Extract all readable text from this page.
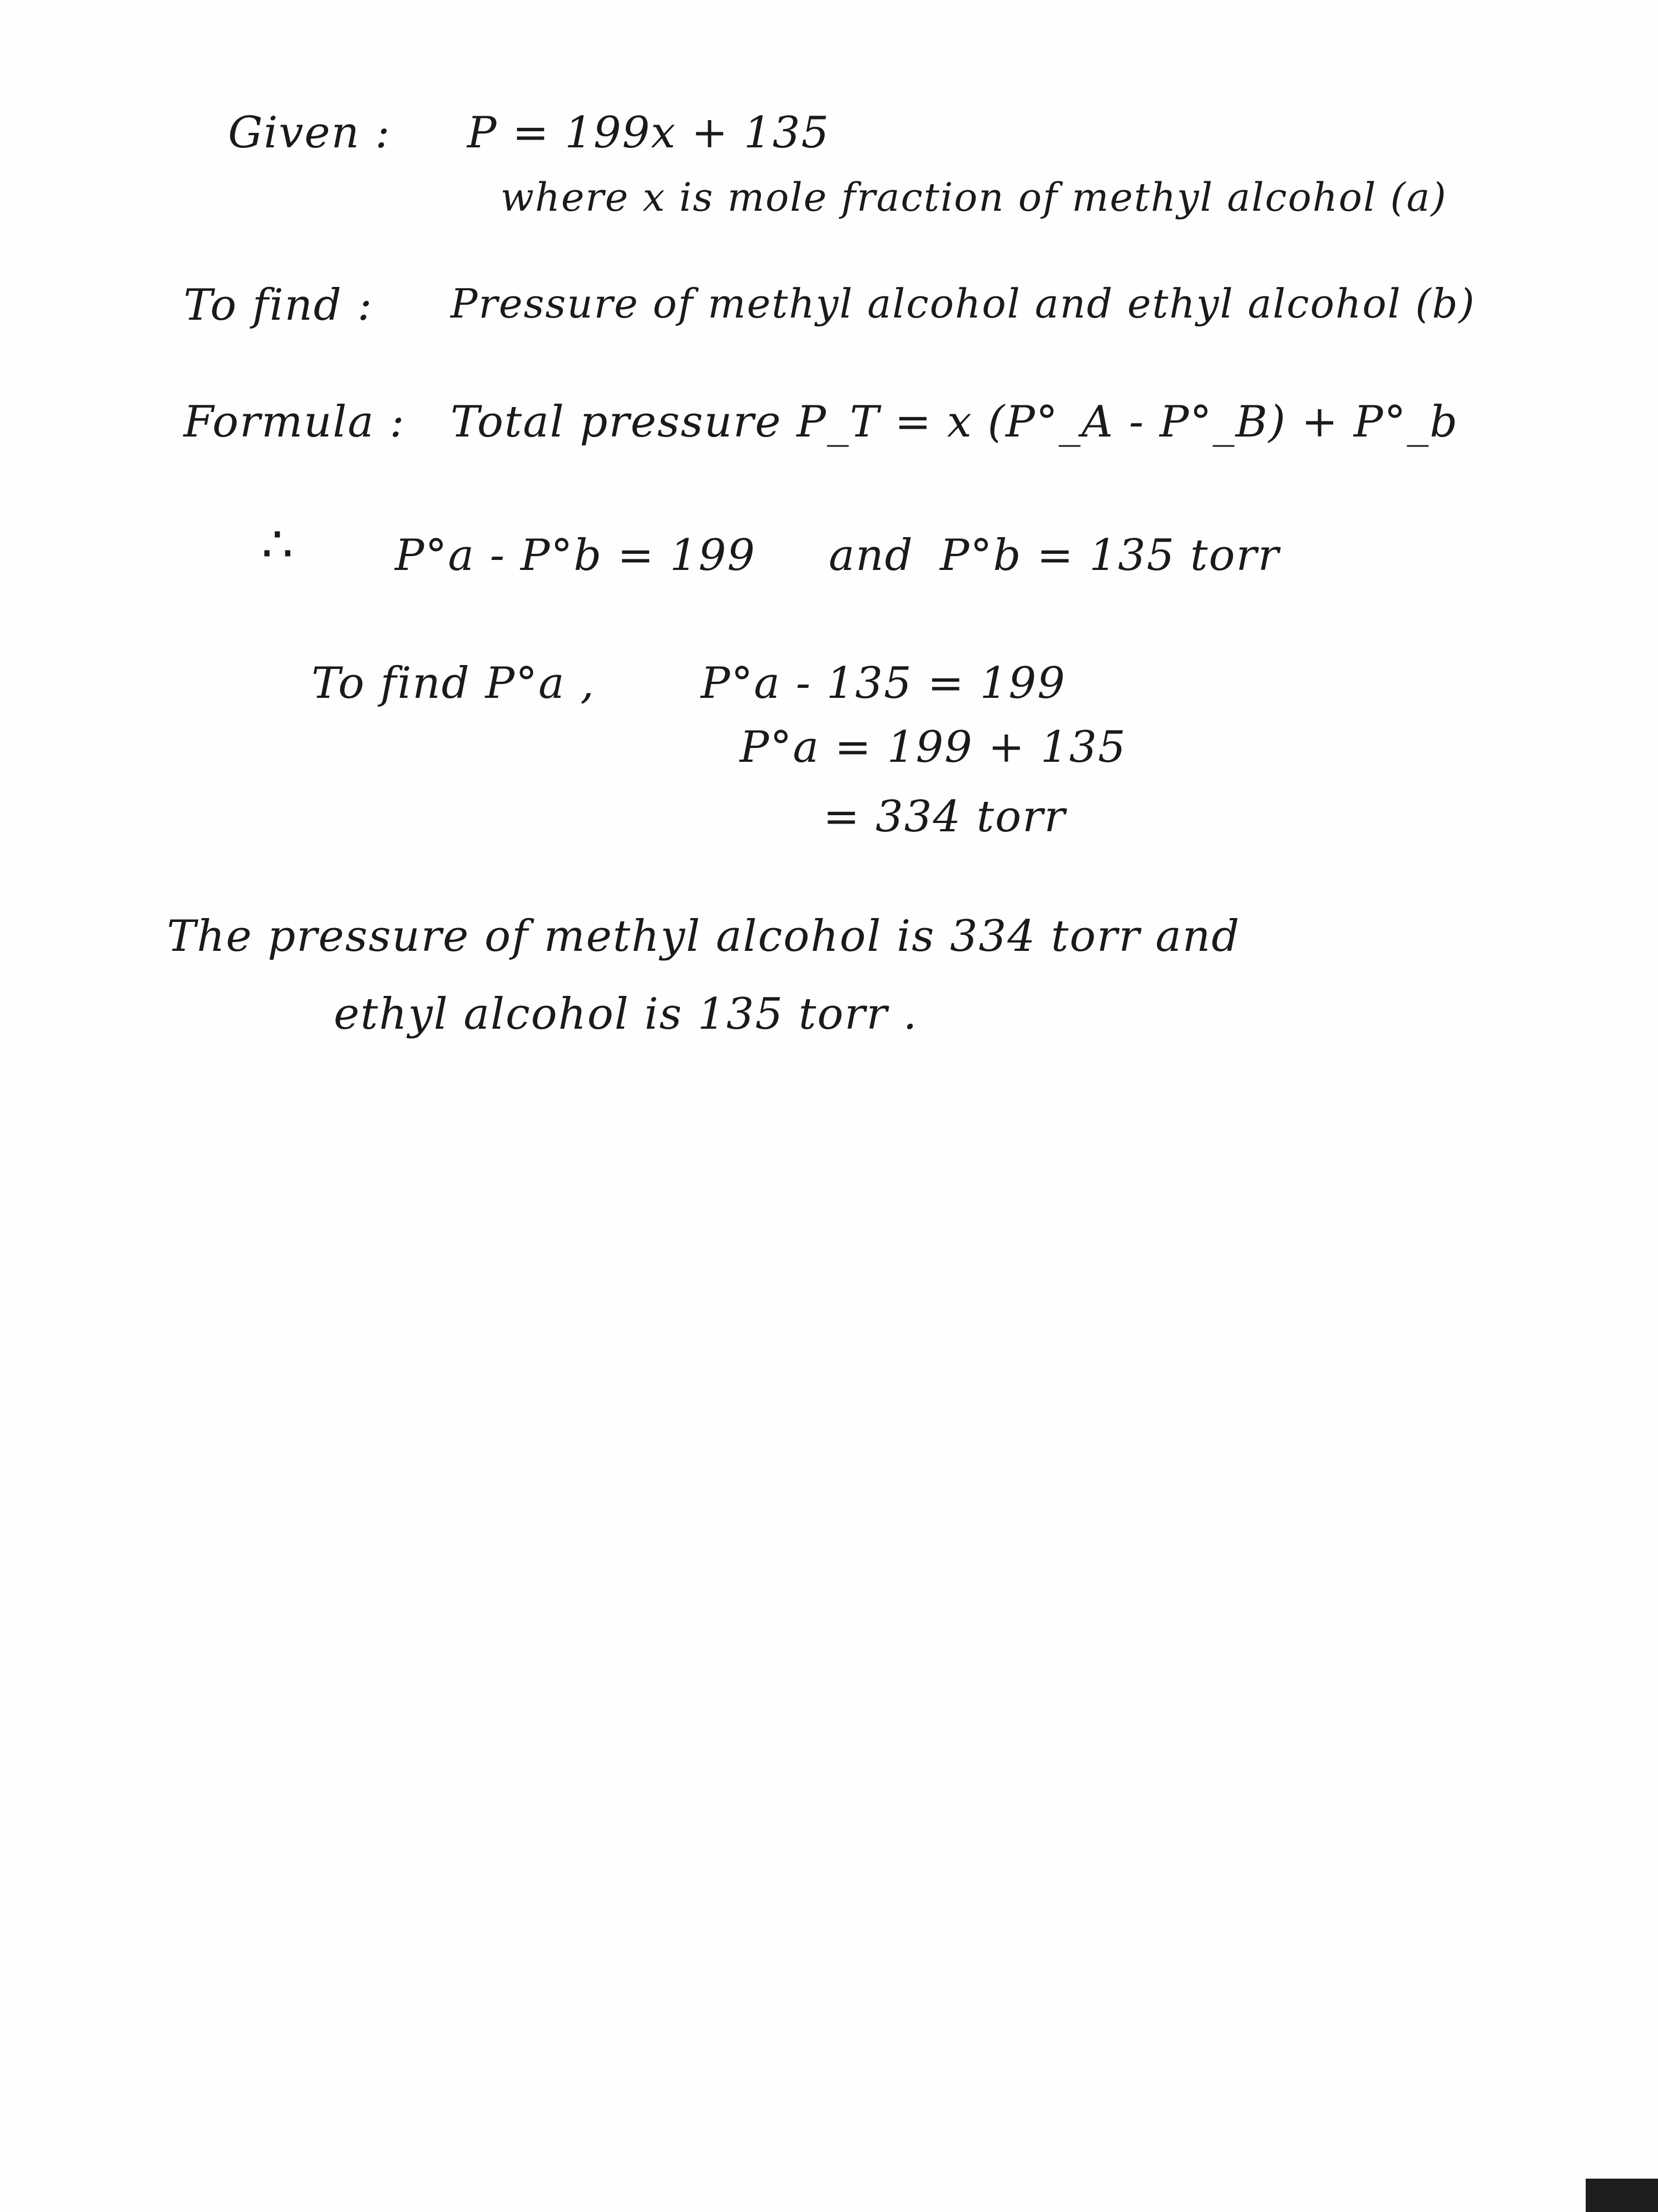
Given : P = 199x + 135
where x is mole fraction of methyl alcohol (a)
To find : Pressure of methyl alcohol and ethyl alcohol (b)
Formula : Total pressure P_T = x (P°_A - P°_B) + P°_b
∴ P°a - P°b = 199 and P°b = 135 torr
To find P°a , P°a - 135 = 199
P°a = 199 + 135
= 334 torr
The pressure of methyl alcohol is 334 torr and
ethyl alcohol is 135 torr .
